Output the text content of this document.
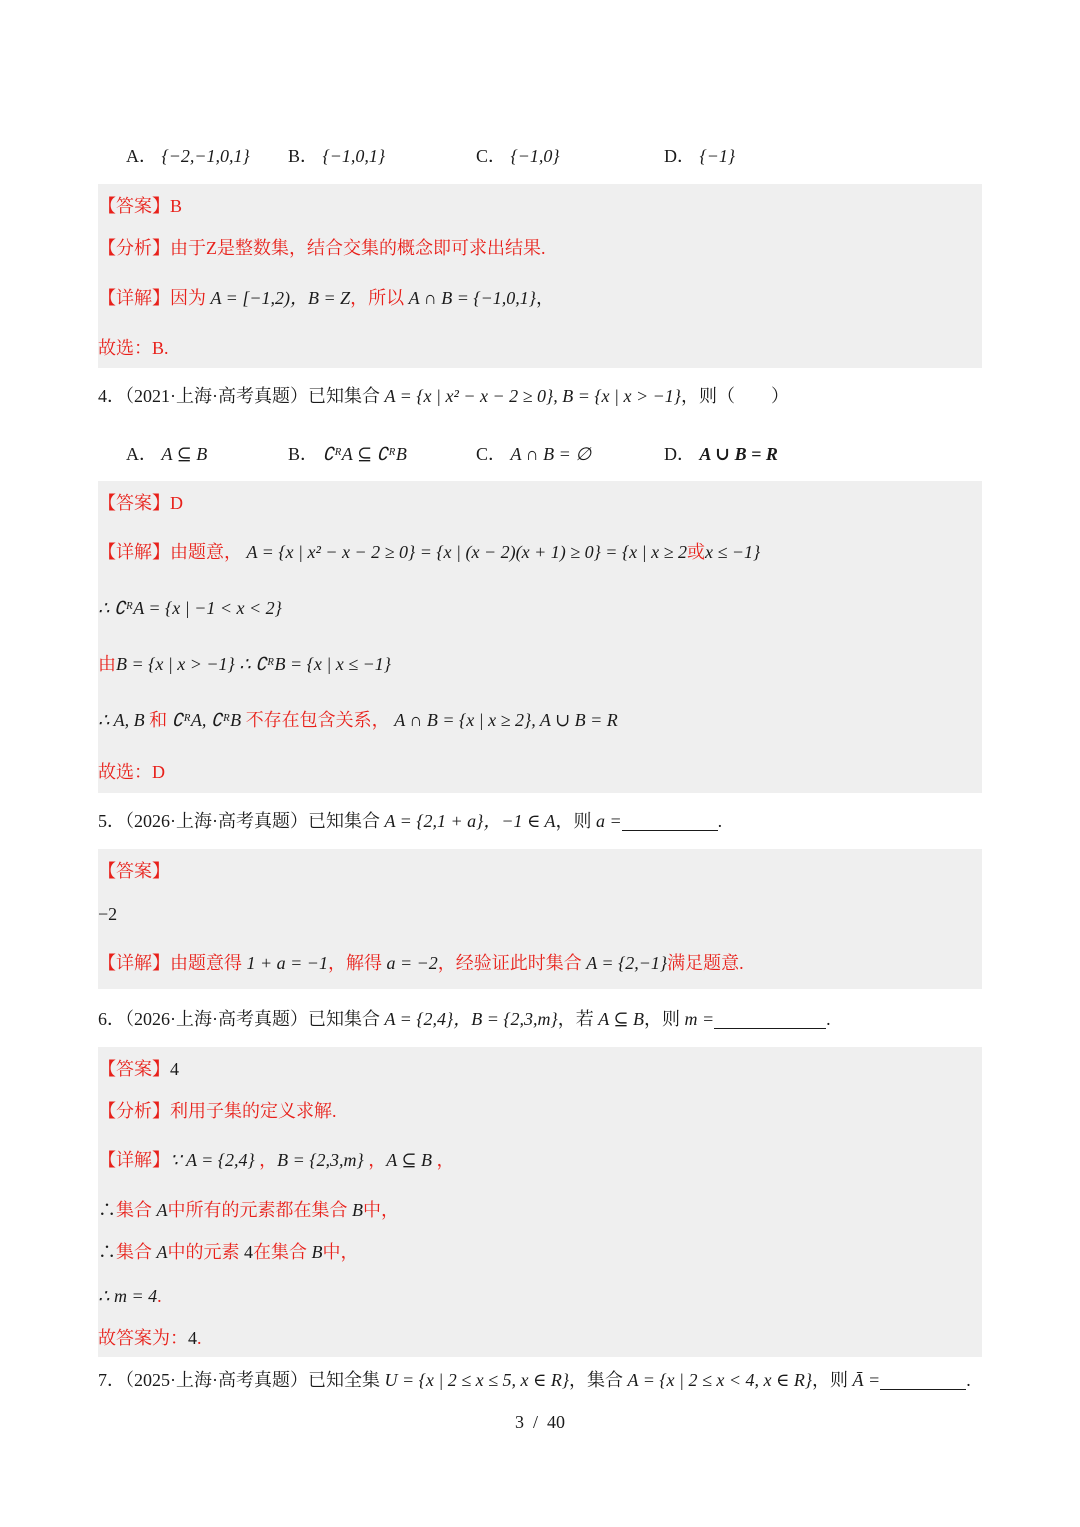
A． {−2,−1,0,1} B． {−1,0,1}	C． {−1,0}	D． {−1}
【答案】B
【分析】由于Z是整数集，结合交集的概念即可求出结果.
【详解】因为 A = [−1,2)，B = Z，所以 A ∩ B = {−1,0,1}，
故选：B.
4．（2021·上海·高考真题）已知集合 A = {x | x² − x − 2 ≥ 0}, B = {x | x > −1}，则（　　）
A． A ⊆ B	B． ∁ᴿA ⊆ ∁ᴿB	C． A ∩ B = ∅	D． A ∪ B = R
【答案】D
【详解】由题意， A = {x | x² − x − 2 ≥ 0} = {x | (x − 2)(x + 1) ≥ 0} = {x | x ≥ 2或x ≤ −1}
∴ ∁ᴿA = {x | −1 < x < 2}
由B = {x | x > −1} ∴ ∁ᴿB = {x | x ≤ −1}
∴ A, B 和 ∁ᴿA, ∁ᴿB 不存在包含关系， A ∩ B = {x | x ≥ 2}, A ∪ B = R
故选：D
5．（2026·上海·高考真题）已知集合 A = {2,1 + a}，−1 ∈ A，则 a =	.
【答案】
−2
【详解】由题意得 1 + a = −1，解得 a = −2，经验证此时集合 A = {2,−1}满足题意.
6．（2026·上海·高考真题）已知集合 A = {2,4}，B = {2,3,m}，若 A ⊆ B，则 m =	.
【答案】4
【分析】利用子集的定义求解.
【详解】∵ A = {2,4} ，B = {2,3,m} ，A ⊆ B ，
∴集合 A中所有的元素都在集合 B中，
∴集合 A中的元素 4在集合 B中，
∴ m = 4.
故答案为：4.
7．（2025·上海·高考真题）已知全集 U = {x | 2 ≤ x ≤ 5, x ∈ R}，集合 A = {x | 2 ≤ x < 4, x ∈ R}，则 Ā =	.
3 / 40
